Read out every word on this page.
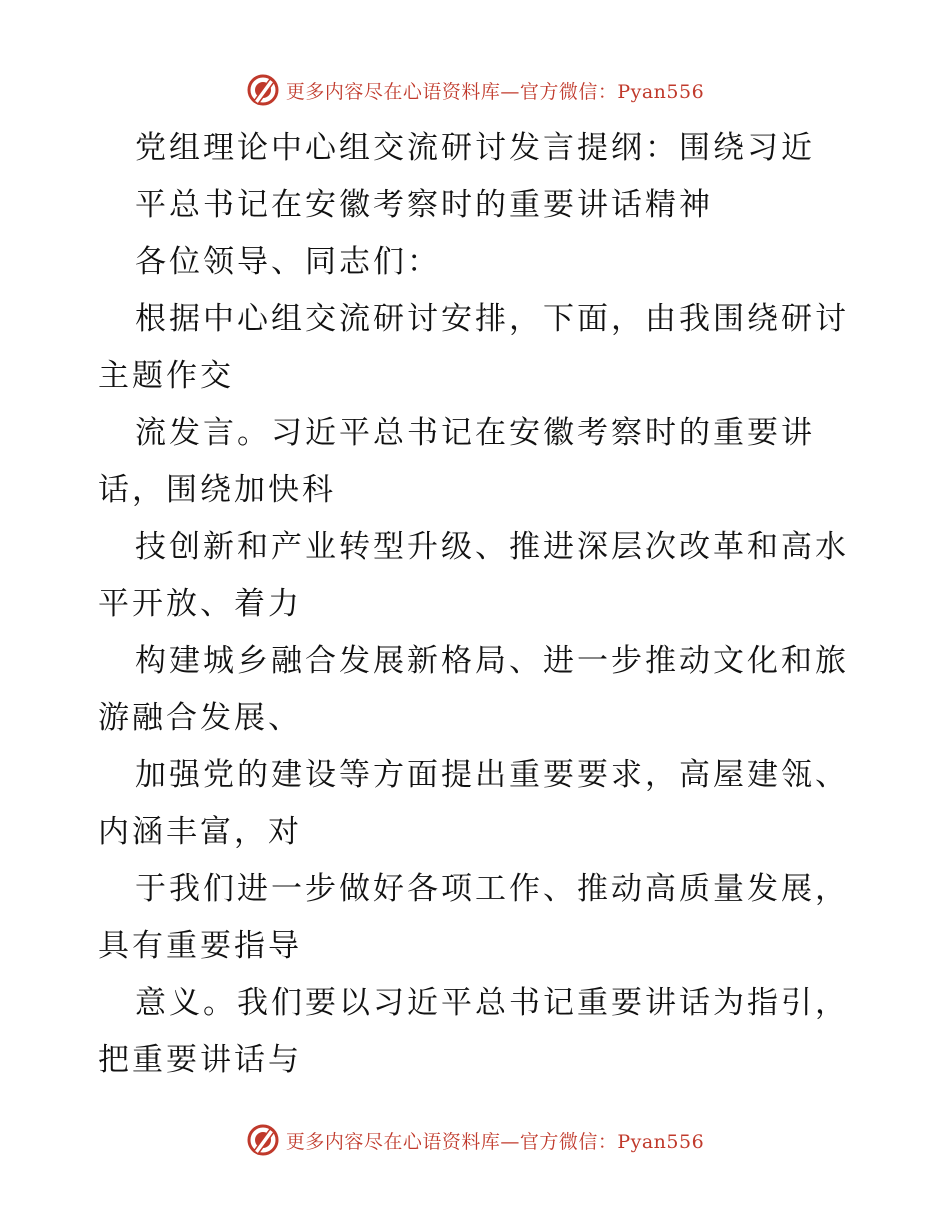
更多内容尽在心语资料库—官方微信：Pyan556
党组理论中心组交流研讨发言提纲：围绕习近
平总书记在安徽考察时的重要讲话精神
各位领导、同志们：
根据中心组交流研讨安排，下面，由我围绕研讨
主题作交
流发言。习近平总书记在安徽考察时的重要讲
话，围绕加快科
技创新和产业转型升级、推进深层次改革和高水
平开放、着力
构建城乡融合发展新格局、进一步推动文化和旅
游融合发展、
加强党的建设等方面提出重要要求，高屋建瓴、
内涵丰富，对
于我们进一步做好各项工作、推动高质量发展，
具有重要指导
意义。我们要以习近平总书记重要讲话为指引，
把重要讲话与
更多内容尽在心语资料库—官方微信：Pyan556
